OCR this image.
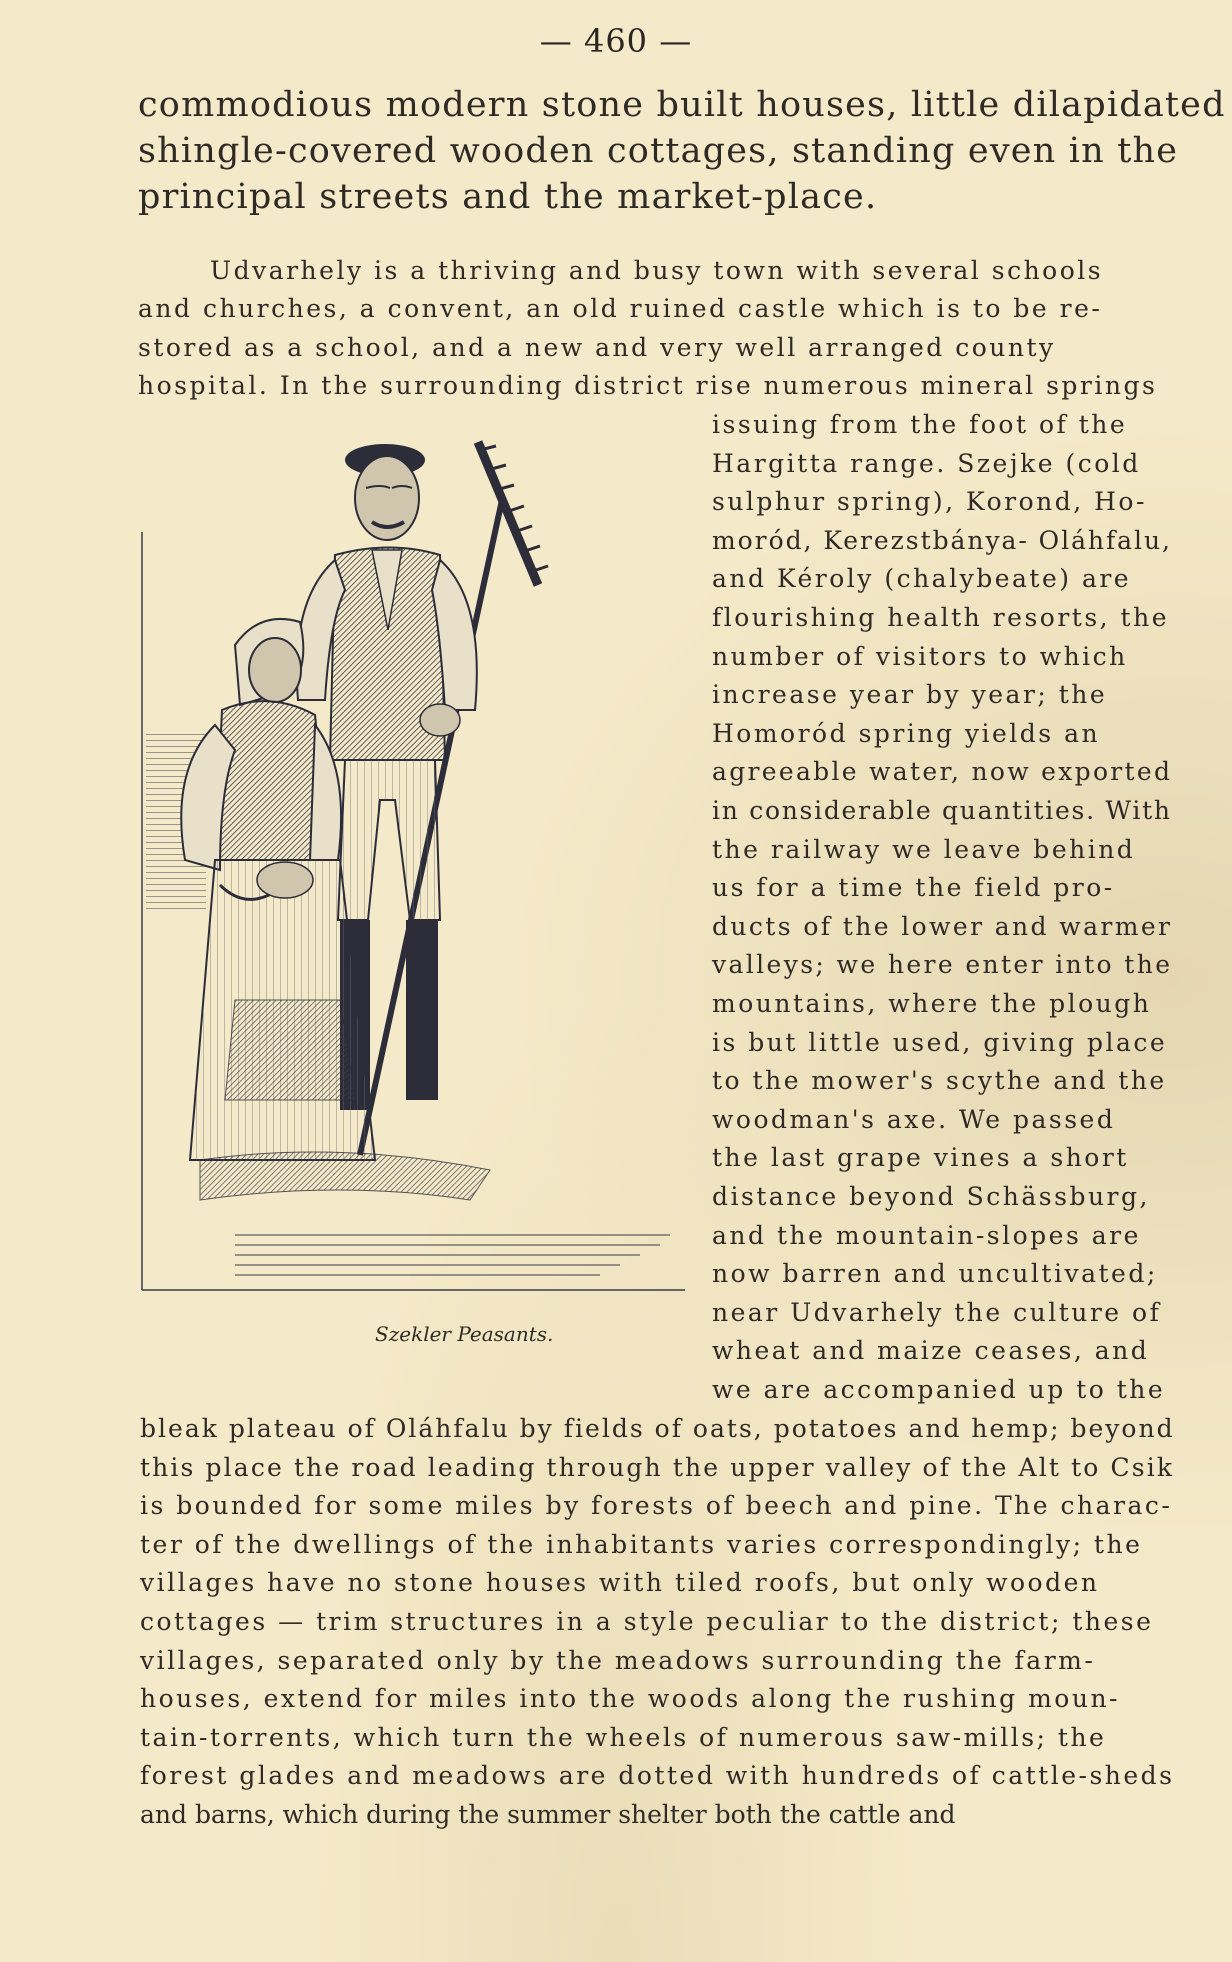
— 460 —
commodious modern stone built houses, little dilapidated
shingle-covered wooden cottages, standing even in the
principal streets and the market-place.
Udvarhely is a thriving and busy town with several schools
and churches, a convent, an old ruined castle which is to be re-
stored as a school, and a new and very well arranged county
hospital. In the surrounding district rise numerous mineral springs
issuing from the foot of the
Hargitta range. Szejke (cold
sulphur spring), Korond, Ho-
moród, Kerezstbánya- Oláhfalu,
and Kéroly (chalybeate) are
flourishing health resorts, the
number of visitors to which
increase year by year; the
Homoród spring yields an
agreeable water, now exported
in considerable quantities. With
the railway we leave behind
us for a time the field pro-
ducts of the lower and warmer
valleys; we here enter into the
mountains, where the plough
is but little used, giving place
to the mower's scythe and the
woodman's axe. We passed
the last grape vines a short
distance beyond Schässburg,
and the mountain-slopes are
now barren and uncultivated;
near Udvarhely the culture of
wheat and maize ceases, and
we are accompanied up to the
bleak plateau of Oláhfalu by fields of oats, potatoes and hemp; beyond
this place the road leading through the upper valley of the Alt to Csik
is bounded for some miles by forests of beech and pine. The charac-
ter of the dwellings of the inhabitants varies correspondingly; the
villages have no stone houses with tiled roofs, but only wooden
cottages — trim structures in a style peculiar to the district; these
villages, separated only by the meadows surrounding the farm-
houses, extend for miles into the woods along the rushing moun-
tain-torrents, which turn the wheels of numerous saw-mills; the
forest glades and meadows are dotted with hundreds of cattle-sheds
and barns, which during the summer shelter both the cattle and
Szekler Peasants.
